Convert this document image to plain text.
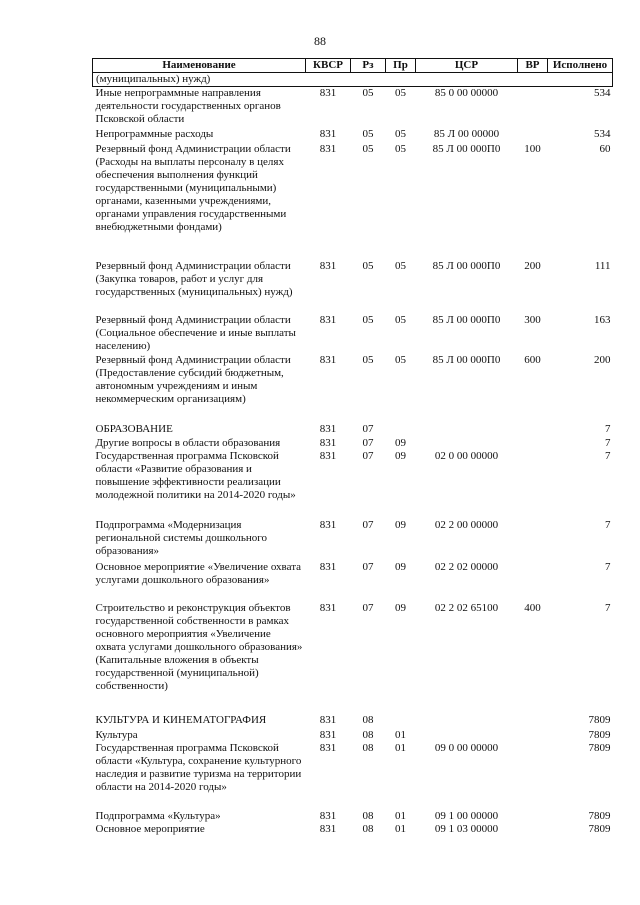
88
Наименование	КВСР	Рз	Пр	ЦСР	ВР	Исполнено
(муниципальных) нужд)						
Иные непрограммные направления деятельности государственных органов Псковской области	831	05	05	85 0 00 00000		534
Непрограммные расходы	831	05	05	85 Л 00 00000		534
Резервный фонд Администрации области (Расходы на выплаты персоналу в целях обеспечения выполнения функций государственными (муниципальными) органами, казенными учреждениями, органами управления государственными внебюджетными фондами)	831	05	05	85 Л 00 000П0	100	60
Резервный фонд Администрации области (Закупка товаров, работ и услуг для государственных (муниципальных) нужд)	831	05	05	85 Л 00 000П0	200	111
Резервный фонд Администрации области (Социальное обеспечение и иные выплаты населению)	831	05	05	85 Л 00 000П0	300	163
Резервный фонд Администрации области (Предоставление субсидий бюджетным, автономным учреждениям и иным некоммерческим организациям)	831	05	05	85 Л 00 000П0	600	200
ОБРАЗОВАНИЕ	831	07				7
Другие вопросы в области образования	831	07	09			7
Государственная программа Псковской области «Развитие образования и повышение эффективности реализации молодежной политики на 2014-2020 годы»	831	07	09	02 0 00 00000		7
Подпрограмма «Модернизация региональной системы дошкольного образования»	831	07	09	02 2 00 00000		7
Основное мероприятие «Увеличение охвата услугами дошкольного образования»	831	07	09	02 2 02 00000		7
Строительство и реконструкция объектов государственной собственности в рамках основного мероприятия «Увеличение охвата услугами дошкольного образования» (Капитальные вложения в объекты государственной (муниципальной) собственности)	831	07	09	02 2 02 65100	400	7
КУЛЬТУРА И КИНЕМАТОГРАФИЯ	831	08				7809
Культура	831	08	01			7809
Государственная программа Псковской области «Культура, сохранение культурного наследия и развитие туризма на территории области на 2014-2020 годы»	831	08	01	09 0 00 00000		7809
Подпрограмма «Культура»	831	08	01	09 1 00 00000		7809
Основное мероприятие	831	08	01	09 1 03 00000		7809
